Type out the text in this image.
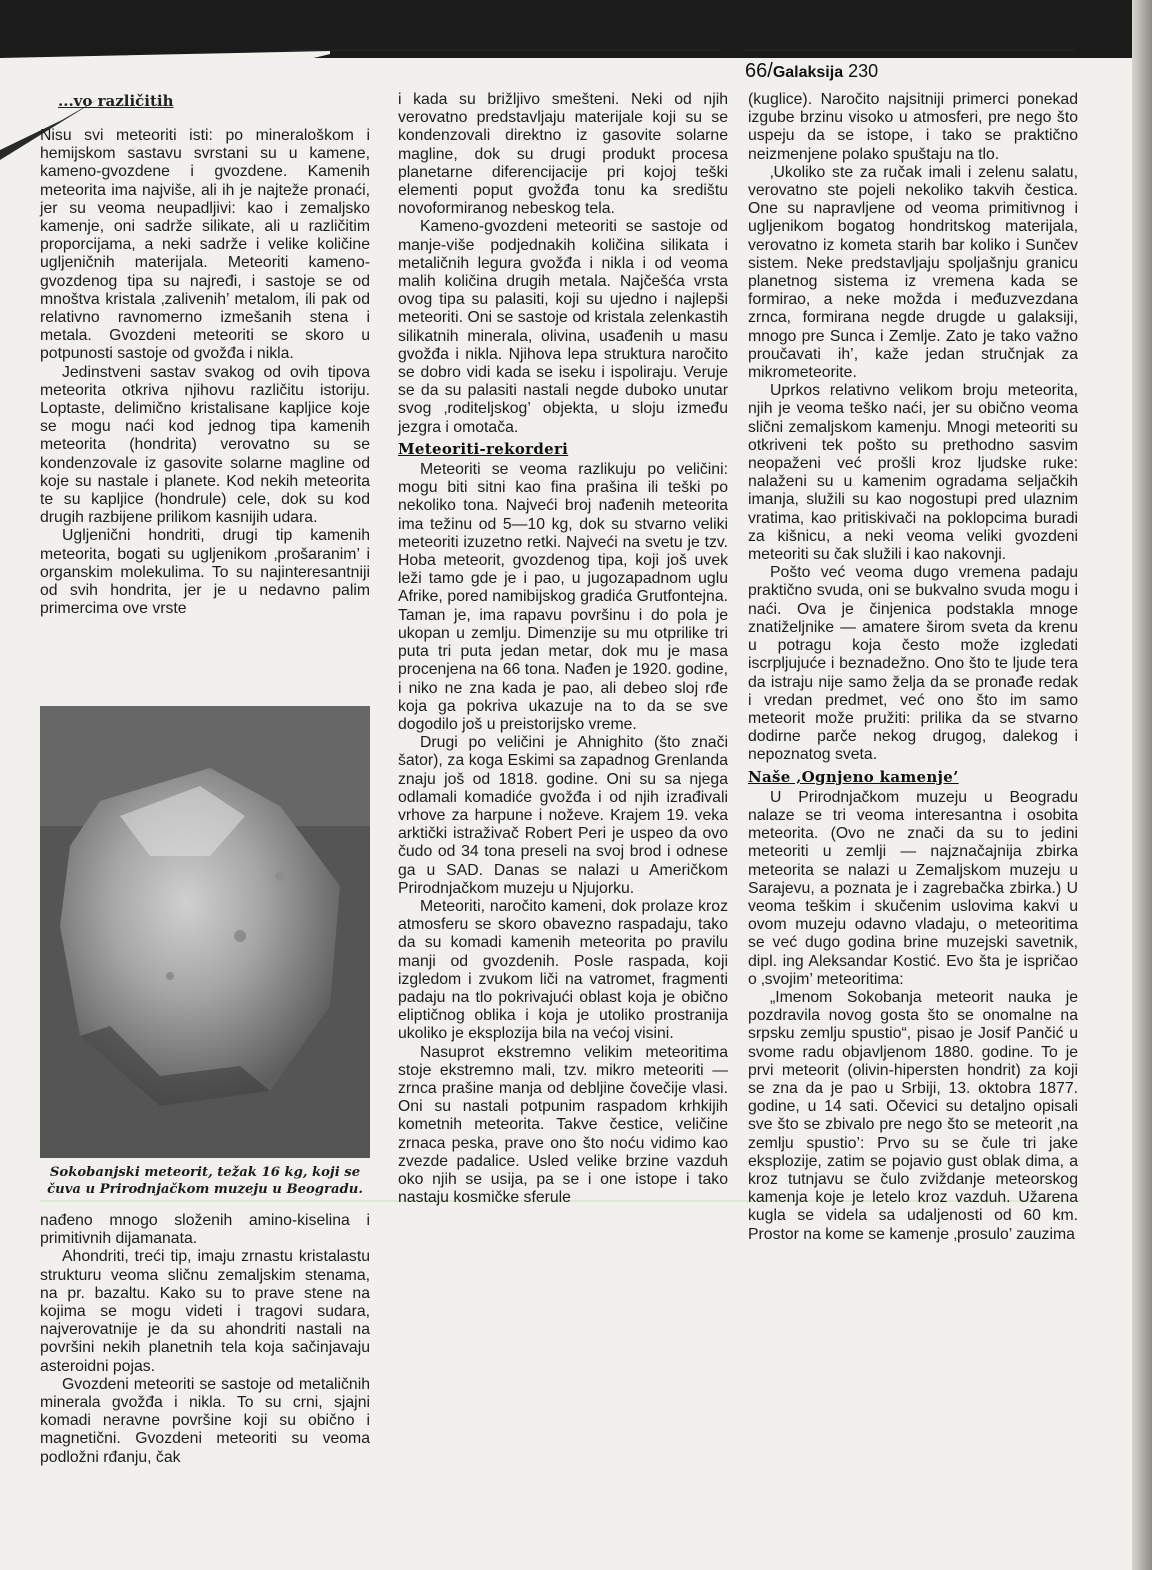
66/Galaksija 230
...vo različitih

Nisu svi meteoriti isti: po mineraloškom i hemijskom sastavu svrstani su u kamene, kameno-gvozdene i gvozdene. Kamenih meteorita ima najviše, ali ih je najteže pronaći, jer su veoma neupadljivi: kao i zemaljsko kamenje, oni sadrže silikate, ali u različitim proporcijama, a neki sadrže i velike količine ugljeničnih materijala. Meteoriti kameno-gvozdenog tipa su najređi, i sastoje se od mnoštva kristala ‚zalivenih’ metalom, ili pak od relativno ravnomerno izmešanih stena i metala. Gvozdeni meteoriti se skoro u potpunosti sastoje od gvožđa i nikla.

Jedinstveni sastav svakog od ovih tipova meteorita otkriva njihovu različitu istoriju. Loptaste, delimično kristalisane kapljice koje se mogu naći kod jednog tipa kamenih meteorita (hondrita) verovatno su se kondenzovale iz gasovite solarne magline od koje su nastale i planete. Kod nekih meteorita te su kapljice (hondrule) cele, dok su kod drugih razbijene prilikom kasnijih udara.

Ugljenični hondriti, drugi tip kamenih meteorita, bogati su ugljenikom ‚prošaranim’ i organskim molekulima. To su najinteresantniji od svih hondrita, jer je u nedavno palim primercima ove vrste

Sokobanjski meteorit, težak 16 kg, koji se čuva u Prirodnjačkom muzeju u Beogradu.

nađeno mnogo složenih amino-kiselina i primitivnih dijamanata.

Ahondriti, treći tip, imaju zrnastu kristalastu strukturu veoma sličnu zemaljskim stenama, na pr. bazaltu. Kako su to prave stene na kojima se mogu videti i tragovi sudara, najverovatnije je da su ahondriti nastali na površini nekih planetnih tela koja sačinjavaju asteroidni pojas.

Gvozdeni meteoriti se sastoje od metaličnih minerala gvožđa i nikla. To su crni, sjajni komadi neravne površine koji su obično i magnetični. Gvozdeni meteoriti su veoma podložni rđanju, čak

i kada su brižljivo smešteni. Neki od njih verovatno predstavljaju materijale koji su se kondenzovali direktno iz gasovite solarne magline, dok su drugi produkt procesa planetarne diferencijacije pri kojoj teški elementi poput gvožđa tonu ka središtu novoformiranog nebeskog tela.

Kameno-gvozdeni meteoriti se sastoje od manje-više podjednakih količina silikata i metaličnih legura gvožđa i nikla i od veoma malih količina drugih metala. Najčešća vrsta ovog tipa su palasiti, koji su ujedno i najlepši meteoriti. Oni se sastoje od kristala zelenkastih silikatnih minerala, olivina, usađenih u masu gvožđa i nikla. Njihova lepa struktura naročito se dobro vidi kada se iseku i ispoliraju. Veruje se da su palasiti nastali negde duboko unutar svog ‚roditeljskog’ objekta, u sloju između jezgra i omotača.

Meteoriti-rekorderi

Meteoriti se veoma razlikuju po veličini: mogu biti sitni kao fina prašina ili teški po nekoliko tona. Najveći broj nađenih meteorita ima težinu od 5—10 kg, dok su stvarno veliki meteoriti izuzetno retki. Najveći na svetu je tzv. Hoba meteorit, gvozdenog tipa, koji još uvek leži tamo gde je i pao, u jugozapadnom uglu Afrike, pored namibijskog gradića Grutfontejna. Taman je, ima rapavu površinu i do pola je ukopan u zemlju. Dimenzije su mu otprilike tri puta tri puta jedan metar, dok mu je masa procenjena na 66 tona. Nađen je 1920. godine, i niko ne zna kada je pao, ali debeo sloj rđe koja ga pokriva ukazuje na to da se sve dogodilo još u preistorijsko vreme.

Drugi po veličini je Ahnighito (što znači šator), za koga Eskimi sa zapadnog Grenlanda znaju još od 1818. godine. Oni su sa njega odlamali komadiće gvožđa i od njih izrađivali vrhove za harpune i noževe. Krajem 19. veka arktički istraživač Robert Peri je uspeo da ovo čudo od 34 tona preseli na svoj brod i odnese ga u SAD. Danas se nalazi u Američkom Prirodnjačkom muzeju u Njujorku.

Meteoriti, naročito kameni, dok prolaze kroz atmosferu se skoro obavezno raspadaju, tako da su komadi kamenih meteorita po pravilu manji od gvozdenih. Posle raspada, koji izgledom i zvukom liči na vatromet, fragmenti padaju na tlo pokrivajući oblast koja je obično eliptičnog oblika i koja je utoliko prostranija ukoliko je eksplozija bila na većoj visini.

Nasuprot ekstremno velikim meteoritima stoje ekstremno mali, tzv. mikro meteoriti — zrnca prašine manja od debljine čovečije vlasi. Oni su nastali potpunim raspadom krhkijih kometnih meteorita. Takve čestice, veličine zrnaca peska, prave ono što noću vidimo kao zvezde padalice. Usled velike brzine vazduh oko njih se usija, pa se i one istope i tako nastaju kosmičke sferule

(kuglice). Naročito najsitniji primerci ponekad izgube brzinu visoko u atmosferi, pre nego što uspeju da se istope, i tako se praktično neizmenjene polako spuštaju na tlo.

‚Ukoliko ste za ručak imali i zelenu salatu, verovatno ste pojeli nekoliko takvih čestica. One su napravljene od veoma primitivnog i ugljenikom bogatog hondritskog materijala, verovatno iz kometa starih bar koliko i Sunčev sistem. Neke predstavljaju spoljašnju granicu planetnog sistema iz vremena kada se formirao, a neke možda i međuzvezdana zrnca, formirana negde drugde u galaksiji, mnogo pre Sunca i Zemlje. Zato je tako važno proučavati ih’, kaže jedan stručnjak za mikrometeorite.

Uprkos relativno velikom broju meteorita, njih je veoma teško naći, jer su obično veoma slični zemaljskom kamenju. Mnogi meteoriti su otkriveni tek pošto su prethodno sasvim neopaženi već prošli kroz ljudske ruke: nalaženi su u kamenim ogradama seljačkih imanja, služili su kao nogostupi pred ulaznim vratima, kao pritiskivači na poklopcima buradi za kišnicu, a neki veoma veliki gvozdeni meteoriti su čak služili i kao nakovnji.

Pošto već veoma dugo vremena padaju praktično svuda, oni se bukvalno svuda mogu i naći. Ova je činjenica podstakla mnoge znatiželjnike — amatere širom sveta da krenu u potragu koja često može izgledati iscrpljujuće i beznadežno. Ono što te ljude tera da istraju nije samo želja da se pronađe redak i vredan predmet, već ono što im samo meteorit može pružiti: prilika da se stvarno dodirne parče nekog drugog, dalekog i nepoznatog sveta.

Naše ‚Ognjeno kamenje’

U Prirodnjačkom muzeju u Beogradu nalaze se tri veoma interesantna i osobita meteorita. (Ovo ne znači da su to jedini meteoriti u zemlji — najznačajnija zbirka meteorita se nalazi u Zemaljskom muzeju u Sarajevu, a poznata je i zagrebačka zbirka.) U veoma teškim i skučenim uslovima kakvi u ovom muzeju odavno vladaju, o meteoritima se već dugo godina brine muzejski savetnik, dipl. ing Aleksandar Kostić. Evo šta je ispričao o ‚svojim’ meteoritima:

„Imenom Sokobanja meteorit nauka je pozdravila novog gosta što se onomalne na srpsku zemlju spustio“, pisao je Josif Pančić u svome radu objavljenom 1880. godine. To je prvi meteorit (olivin-hipersten hondrit) za koji se zna da je pao u Srbiji, 13. oktobra 1877. godine, u 14 sati. Očevici su detaljno opisali sve što se zbivalo pre nego što se meteorit ‚na zemlju spustio’: Prvo su se čule tri jake eksplozije, zatim se pojavio gust oblak dima, a kroz tutnjavu se čulo zviždanje meteorskog kamenja koje je letelo kroz vazduh. Užarena kugla se videla sa udaljenosti od 60 km. Prostor na kome se kamenje ‚prosulo’ zauzima
